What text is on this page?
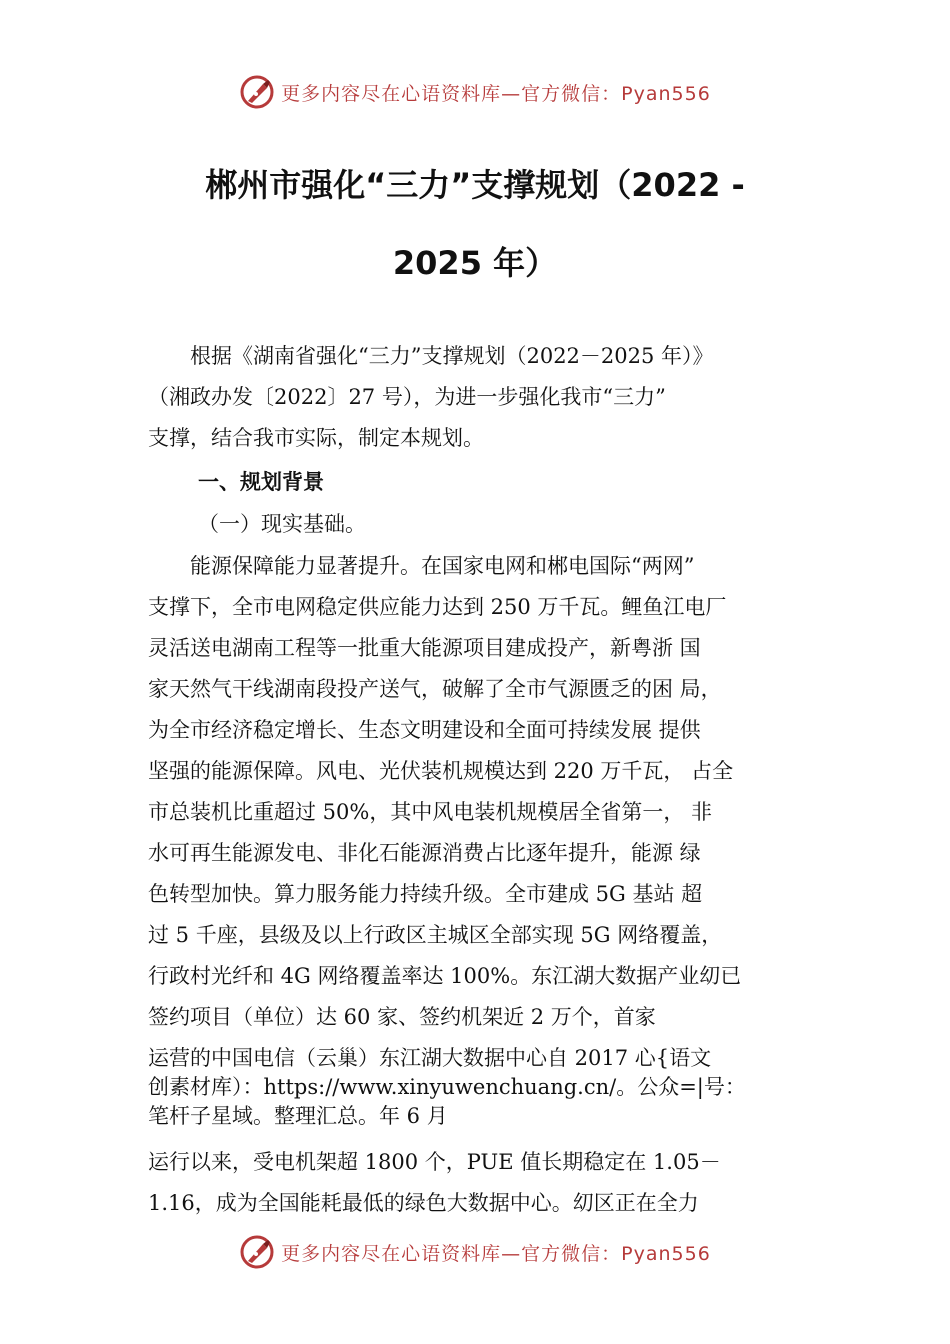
更多内容尽在心语资料库—官方微信：Pyan556
郴州市强化“三力”支撑规划（2022 -
2025 年）
　　根据《湖南省强化“三力”支撑规划（2022－2025 年）》
（湘政办发〔2022〕27 号），为进一步强化我市“三力”
支撑，结合我市实际，制定本规划。
一、规划背景
（一）现实基础。
　　能源保障能力显著提升。在国家电网和郴电国际“两网”
支撑下，全市电网稳定供应能力达到 250 万千瓦。鲤鱼江电厂
灵活送电湖南工程等一批重大能源项目建成投产，新粤浙 国
家天然气干线湖南段投产送气，破解了全市气源匮乏的困 局，
为全市经济稳定增长、生态文明建设和全面可持续发展 提供
坚强的能源保障。风电、光伏装机规模达到 220 万千瓦， 占全
市总装机比重超过 50%，其中风电装机规模居全省第一， 非
水可再生能源发电、非化石能源消费占比逐年提升，能源 绿
色转型加快。算力服务能力持续升级。全市建成 5G 基站 超
过 5 千座，县级及以上行政区主城区全部实现 5G 网络覆盖，
行政村光纤和 4G 网络覆盖率达 100%。东江湖大数据产业㓜已
签约项目（单位）达 60 家、签约机架近 2 万个，首家
运营的中国电信（云巢）东江湖大数据中心自 2017 心{语文
创素材库）：https://www.xinyuwenchuang.cn/。公众=|号：
笔杆子星域。整理汇总。年 6 月
运行以来，受电机架超 1800 个，PUE 值长期稳定在 1.05－
1.16，成为全国能耗最低的绿色大数据中心。㓜区正在全力
更多内容尽在心语资料库—官方微信：Pyan556
